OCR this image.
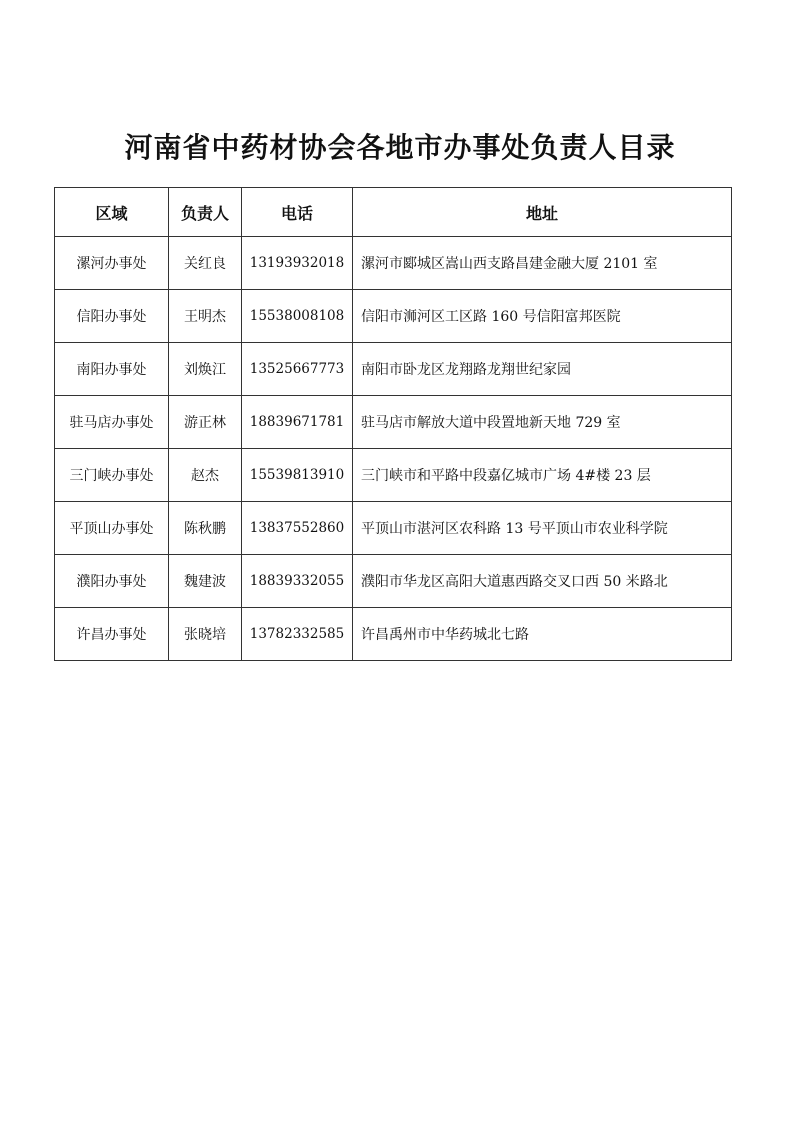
河南省中药材协会各地市办事处负责人目录
区域	负责人	电话	地址
漯河办事处	关红良	13193932018	漯河市郾城区嵩山西支路昌建金融大厦 2101 室
信阳办事处	王明杰	15538008108	信阳市浉河区工区路 160 号信阳富邦医院
南阳办事处	刘焕江	13525667773	南阳市卧龙区龙翔路龙翔世纪家园
驻马店办事处	游正林	18839671781	驻马店市解放大道中段置地新天地 729 室
三门峡办事处	赵杰	15539813910	三门峡市和平路中段嘉亿城市广场 4#楼 23 层
平顶山办事处	陈秋鹏	13837552860	平顶山市湛河区农科路 13 号平顶山市农业科学院
濮阳办事处	魏建波	18839332055	濮阳市华龙区高阳大道惠西路交叉口西 50 米路北
许昌办事处	张晓培	13782332585	许昌禹州市中华药城北七路
